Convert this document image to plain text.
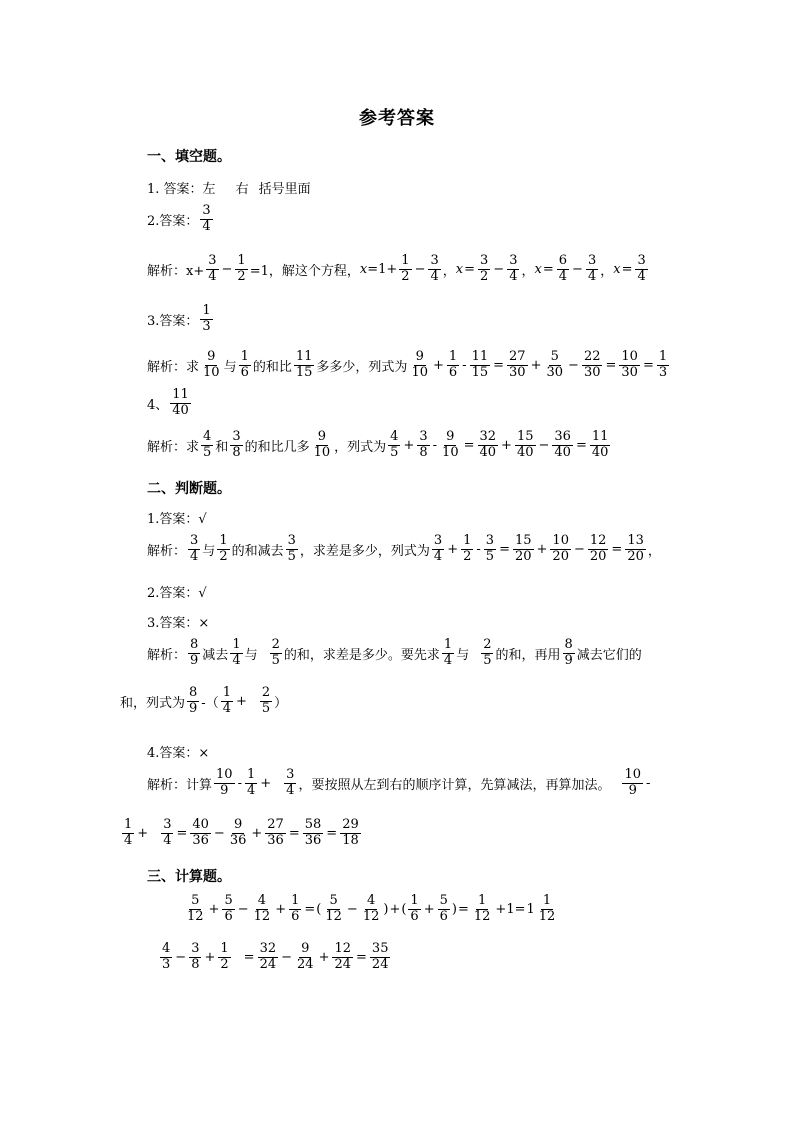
参考答案
一、填空题。
1. 答案： 左 右 括号里面
2.答案： $\frac{3}{4}$
解析：$x+ \frac{3}{4} - \frac{1}{2} =1$，解这个方程， $x =1+ \frac{1}{2} - \frac{3}{4}$ ， $x = \frac{3}{2} - \frac{3}{4}$ ， $x = \frac{6}{4} - \frac{3}{4}$ ， $x = \frac{3}{4}$
3.答案： $\frac{1}{3}$
解析：求 $\frac{9}{10}$ 与 $\frac{1}{6}$ 的和比 $\frac{11}{15}$ 多多少，列式为 $\frac{9}{10} + \frac{1}{6} - \frac{11}{15} = \frac{27}{30} + \frac{5}{30} - \frac{22}{30} = \frac{10}{30} = \frac{1}{3}$
4、 $\frac{11}{40}$
解析：求 $\frac{4}{5}$ 和 $\frac{3}{8}$ 的和比几多 $\frac{9}{10}$ ，列式为 $\frac{4}{5} + \frac{3}{8} - \frac{9}{10} = \frac{32}{40} + \frac{15}{40} - \frac{36}{40} = \frac{11}{40}$
二、判断题。
1.答案：√
解析： $\frac{3}{4}$ 与 $\frac{1}{2}$ 的和减去 $\frac{3}{5}$ ，求差是多少，列式为 $\frac{3}{4} + \frac{1}{2} - \frac{3}{5} = \frac{15}{20} + \frac{10}{20} - \frac{12}{20} = \frac{13}{20}$ ，
2.答案：√
3.答案：×
解析： $\frac{8}{9}$ 减去 $\frac{1}{4}$ 与 $\frac{2}{5}$ 的和，求差是多少。要先求 $\frac{1}{4}$ 与 $\frac{2}{5}$ 的和，再用 $\frac{8}{9}$ 减去它们的
和，列式为 $\frac{8}{9}$ -（ $\frac{1}{4} + \frac{2}{5}$ ）
4.答案：×
解析：计算 $\frac{10}{9} - \frac{1}{4} + \frac{3}{4}$ ，要按照从左到右的顺序计算，先算减法，再算加法。 $\frac{10}{9}$ -
$\frac{1}{4} + \frac{3}{4} = \frac{40}{36} - \frac{9}{36} + \frac{27}{36} = \frac{58}{36} = \frac{29}{18}$
三、计算题。
$\frac{5}{12} + \frac{5}{6} - \frac{4}{12} + \frac{1}{6}$ = ( $\frac{5}{12} - \frac{4}{12}$ ) + ( $\frac{1}{6} + \frac{5}{6}$ ) = $\frac{1}{12} +1= 1 \frac{1}{12}$
$\frac{4}{3} - \frac{3}{8} + \frac{1}{2} = \frac{32}{24} - \frac{9}{24} + \frac{12}{24} = \frac{35}{24}$
